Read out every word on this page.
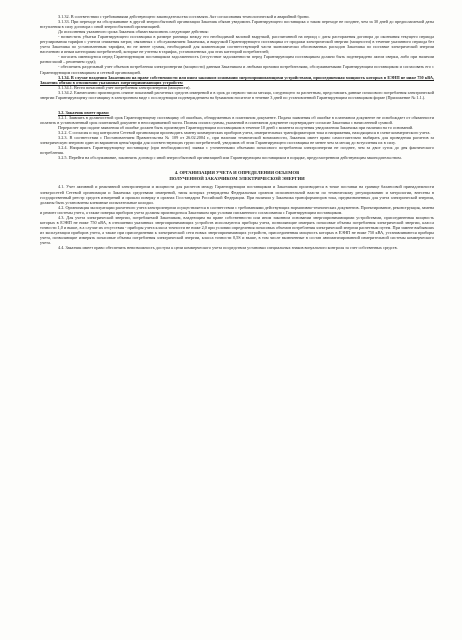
3.1.32. В соответствии с требованиями действующего законодательства составлять Акт согласования технологической и аварийной брони.

3.1.33. При переходе на обслуживание в другой энергосбытовой организации Заказчик обязан уведомить Гарантирующего поставщика о таком переходе не позднее, чем за 30 дней до предполагаемой даты вступления в силу договора с иной энергосбытовой организацией.

До исполнения указанного срока Заказчик обязан выполнить следующие действия:

- возместить убытки Гарантирующего поставщика в размере разницы между его необходимой валовой выручкой, рассчитанной на период с даты расторжения договора до окончания текущего периода регулирования тарифов с учетом снижения затрат, связанных с обслуживанием Заказчика, и выручкой Гарантирующего поставщика от продажи электрической энергии (мощности) в течение указанного периода без учета Заказчика по установленным тарифам, но не менее суммы, необходимой для компенсации соответствующей части экономически обоснованных расходов Заказчика по поставке электрической энергии населению и иным категориям потребителей, которые не учтены в тарифах, установленных для этих категорий потребителей;

- погасить имеющуюся перед Гарантирующим поставщиком задолженность (отсутствие задолженности перед Гарантирующим поставщиком должно быть подтверждено актом сверки, либо при наличии разногласий – решением суда);

- обеспечить раздельный учет объемов потребления электроэнергии (мощности) данным Заказчиком и любыми прочими потребителями, обслуживаемыми Гарантирующим поставщиком и согласовать его с Гарантирующим поставщиком и сетевой организацией.

3.1.34. В случае владения Заказчиком на праве собственности или ином законном основании энергопринимающими устройствами, присоединенная мощность которых в ЕЭНП не ниже 750 кВА, Заказчик обязан в отношении указанных энергопринимающих устройств:

3.1.34.1. Вести почасовой учет потребления электроэнергии (мощности).

3.1.34.2. Ежемесячно производить снятие показаний расчетных средств измерений и в срок до первого числа месяца, следующего за расчетным, представлять данные почасового потребления электрической энергии Гарантирующему поставщику в электронном виде с последующим подтверждением на бумажном носителе в течение 3 дней по установленной Гарантирующим поставщиком форме (Приложение № 1.1.).

3.2. Заказчик имеет право:

3.2.1. Заявлять в должностной срок Гарантирующему поставщику об ошибках, обнаруженных в платежном документе. Подача заявления об ошибке в платежном документе не освобождает от обязанности оплатить в установленный срок платежный документ в неоспариваемой части. Полная оплата суммы, указанной в платежном документе подтверждает согласие Заказчика с начисленной суммой.

Перерасчет при подаче заявления об ошибке должен быть произведен Гарантирующим поставщиком в течение 10 дней с момента получения уведомления Заказчика при наличии на то оснований.

3.2.2. С согласия и под контролем Сетевой организации производить замену коммерческих приборов учета, измерительных трансформаторов тока и напряжения, находящихся в схеме коммерческого учета.

3.2.3. В соответствии с Постановлением Правительства № 109 от 26.02.2004 г., при наличии технической возможности, Заказчик имеет право самостоятельно выбирать для проведения расчетов за электрическую энергию один из вариантов цены/тарифа для соответствующих групп потребителей, уведомив об этом Гарантирующего поставщика не менее чем за месяц до вступления их в силу.

3.2.4. Направлять Гарантирующему поставщику (при необходимости) заявки с уточненными объемами почасового потребления электроэнергии не позднее, чем за двое суток до дня фактического потребления.

3.2.5. Перейти на обслуживание, заключить договор с иной энергосбытовой организацией или Гарантирующим поставщиком в порядке, предусмотренном действующим законодательством.

4. ОРГАНИЗАЦИЯ УЧЕТА И ОПРЕДЕЛЕНИЯ ОБЪЕМОВ

ПОЛУЧЕННОЙ ЗАКАЗЧИКОМ ЭЛЕКТРИЧЕСКОЙ ЭНЕРГИИ

4.1. Учет активной и реактивной электроэнергии и мощности для расчетов между Гарантирующим поставщиком и Заказчиком производится в точке поставки на границе балансовой принадлежности электросетей Сетевой организации и Заказчика средствами измерений, типы которых утверждены Федеральным органом исполнительной власти по техническому регулированию и метрологии, внесены в государственный реестр средств измерений и прошли поверку в органах Госстандарта Российской Федерации. При наличии у Заказчика трансформаторов тока, предназначенных для учета электрической энергии, должны быть установлены клеммные испытательные колодки.

4.2. Организация эксплуатации расчетного учета электроэнергии осуществляется в соответствии с требованиями действующих нормативно-технических документов. Проектирование, реконструкция, замена и ремонт системы учета, а также поверка приборов учета должны производиться Заказчиком при условии письменного согласования с Гарантирующим поставщиком.

4.3. Для учета электрической энергии, потребляемой Заказчиком, владеющим на праве собственности или ином законном основании энергопринимающими устройствами, присоединенная мощность которых в ЕЭНП не ниже 750 кВА, в отношении указанных энергопринимающих устройств используются приборы учета, позволяющие измерять почасовые объемы потребления электрической энергии, класса точности 1,0 и выше, в а случае их отсутствия - приборы учета класса точности не ниже 2,0 при условии определения почасовых объемов потребления электрической энергии расчетным путем. При замене выбывших из эксплуатации приборов учета, а также при присоединении к электрической сети новых энергопринимающих устройств, присоединенная мощность которых в ЕЭНП не ниже 750 кВА, устанавливаются приборы учета, позволяющие измерять почасовые объемы потребления электрической энергии, класса точности 0,5S и выше, в том числе включенные в состав автоматизированной измерительной системы коммерческого учета.

4.4. Заказчик имеет право обеспечить невозможность доступа к цепи коммерческого учета посредством установки специальных знаков визуального контроля за счет собственных средств.
